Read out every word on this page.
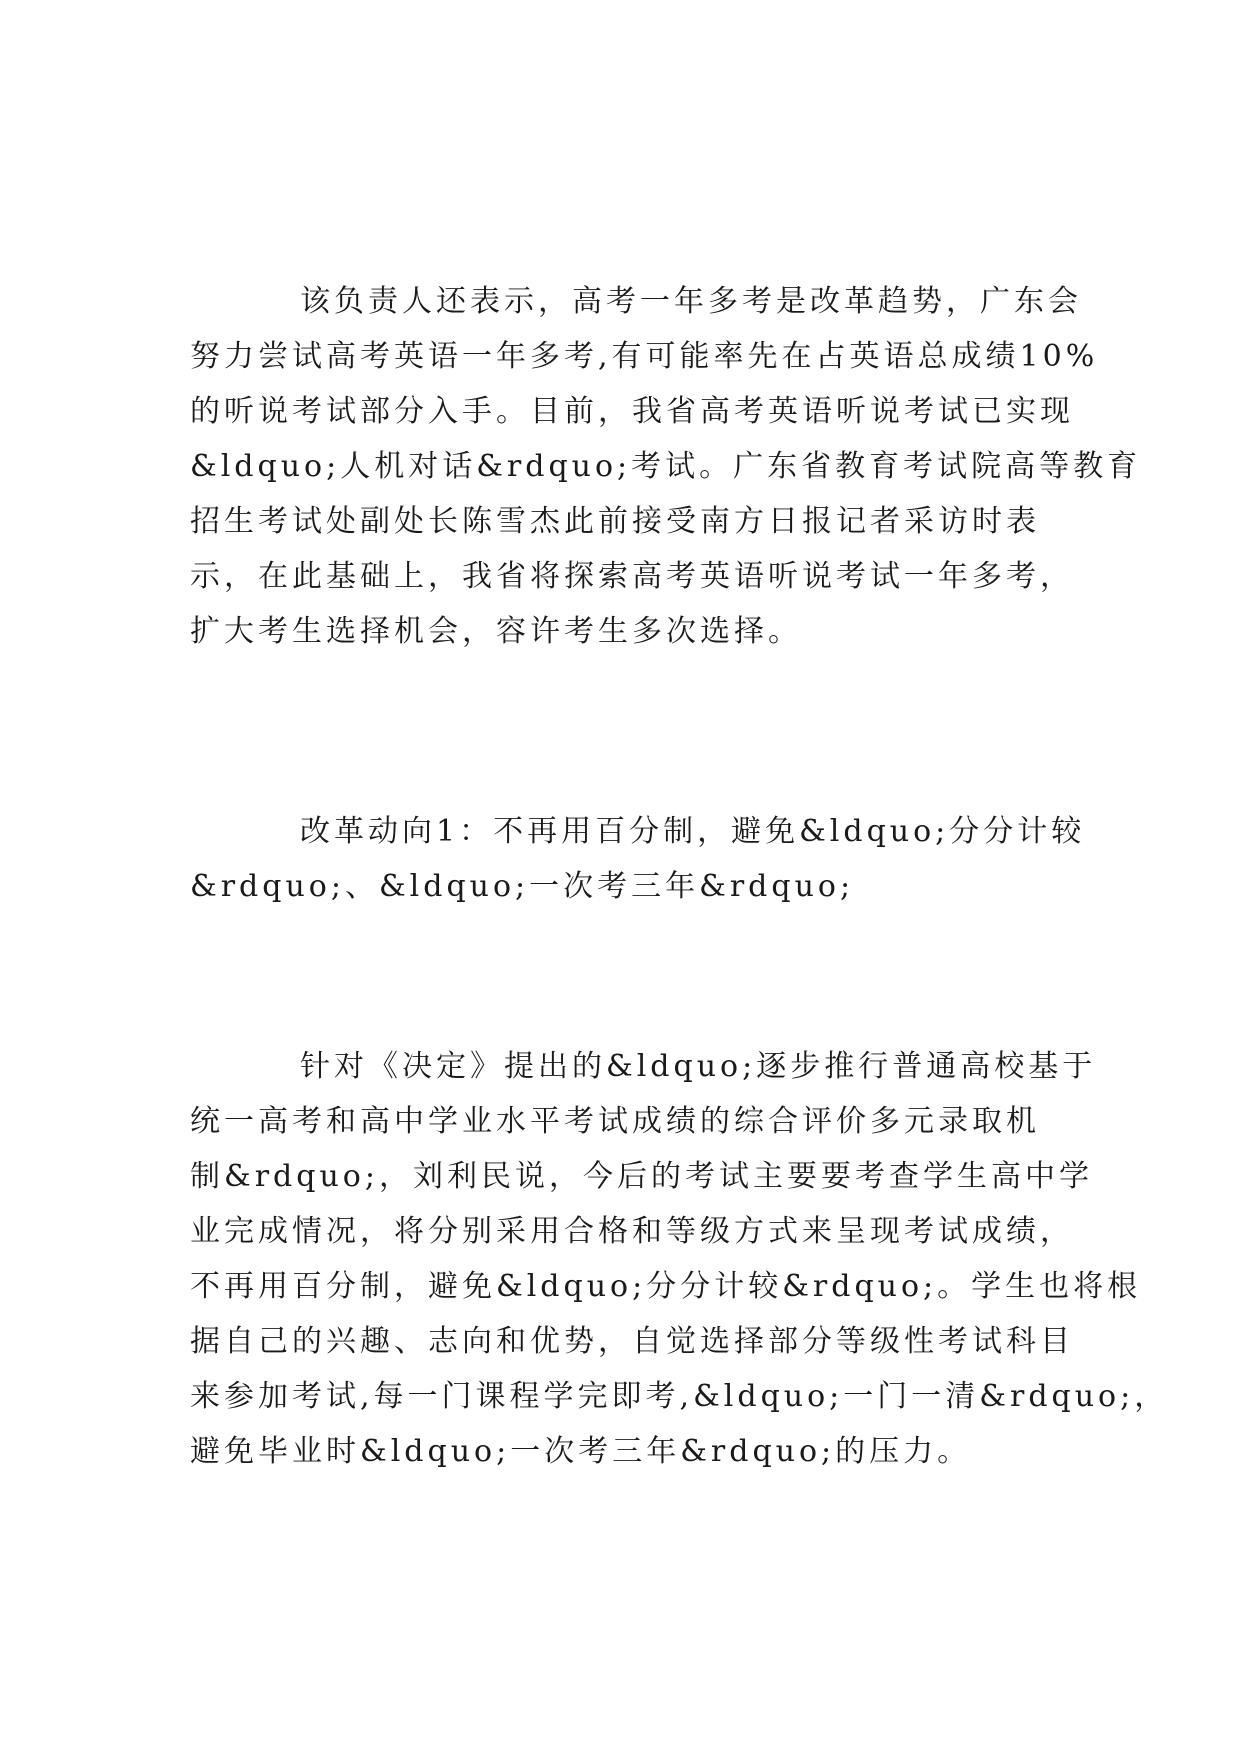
该负责人还表示，高考一年多考是改革趋势，广东会
努力尝试高考英语一年多考,有可能率先在占英语总成绩10%
的听说考试部分入手。目前，我省高考英语听说考试已实现
&ldquo;人机对话&rdquo;考试。广东省教育考试院高等教育
招生考试处副处长陈雪杰此前接受南方日报记者采访时表
示，在此基础上，我省将探索高考英语听说考试一年多考，
扩大考生选择机会，容许考生多次选择。
改革动向1：不再用百分制，避免&ldquo;分分计较
&rdquo;、&ldquo;一次考三年&rdquo;
针对《决定》提出的&ldquo;逐步推行普通高校基于
统一高考和高中学业水平考试成绩的综合评价多元录取机
制&rdquo;，刘利民说，今后的考试主要要考查学生高中学
业完成情况，将分别采用合格和等级方式来呈现考试成绩，
不再用百分制，避免&ldquo;分分计较&rdquo;。学生也将根
据自己的兴趣、志向和优势，自觉选择部分等级性考试科目
来参加考试,每一门课程学完即考,&ldquo;一门一清&rdquo;，
避免毕业时&ldquo;一次考三年&rdquo;的压力。
